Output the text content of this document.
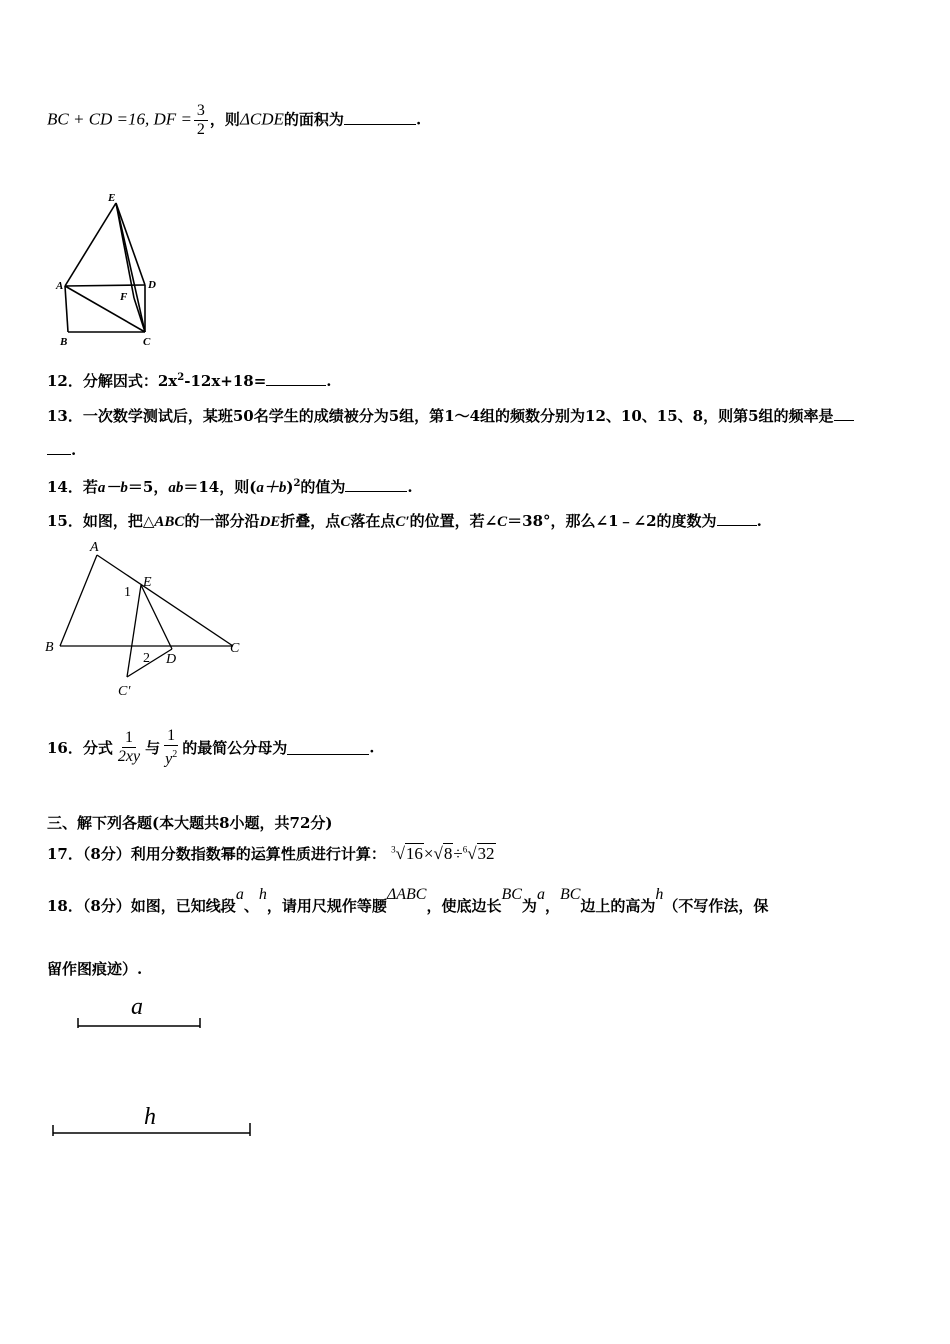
BC + CD =16, DF = $\frac{3}{2}$ ，则ΔCDE的面积为	.
E
A	D
F
B	C
12．分解因式：$2x^2-12x+18=$	.
13．一次数学测试后，某班50名学生的成绩被分为5组，第1～4组的频数分别为12、10、15、8，则第5组的频率是
.
14．若a－b＝5，ab＝14，则$(a+b)^2$的值为	.
15．如图，把△ABC的一部分沿DE折叠，点C落在点C′的位置，若∠C＝38°，那么∠1﹣∠2的度数为	.
A
E
1
B
2 D
C
C′
16．分式 $\frac{1}{2xy}$ 与 $\frac{1}{y^2}$ 的最简公分母为	.
三、解下列各题(本大题共8小题，共72分)
17．（8分）利用分数指数幂的运算性质进行计算： $^3$√16×√8÷$^6$√32
18．（8分）如图，已知线段a、h，请用尺规作等腰ΔABC，使底边长BC为a，BC边上的高为h（不写作法，保
留作图痕迹）.
a
h
